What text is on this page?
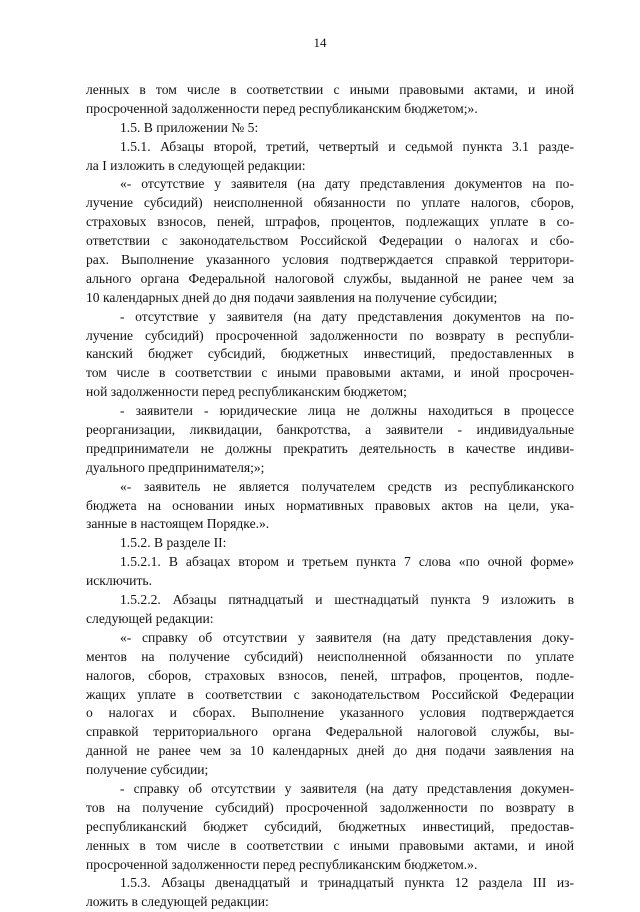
14
ленных в том числе в соответствии с иными правовыми актами, и иной
просроченной задолженности перед республиканским бюджетом;».
1.5. В приложении № 5:
1.5.1. Абзацы второй, третий, четвертый и седьмой пункта 3.1 разде-
ла I изложить в следующей редакции:
«- отсутствие у заявителя (на дату представления документов на по-
лучение субсидий) неисполненной обязанности по уплате налогов, сборов,
страховых взносов, пеней, штрафов, процентов, подлежащих уплате в со-
ответствии с законодательством Российской Федерации о налогах и сбо-
рах. Выполнение указанного условия подтверждается справкой территори-
ального органа Федеральной налоговой службы, выданной не ранее чем за
10 календарных дней до дня подачи заявления на получение субсидии;
- отсутствие у заявителя (на дату представления документов на по-
лучение субсидий) просроченной задолженности по возврату в республи-
канский бюджет субсидий, бюджетных инвестиций, предоставленных в
том числе в соответствии с иными правовыми актами, и иной просрочен-
ной задолженности перед республиканским бюджетом;
- заявители - юридические лица не должны находиться в процессе
реорганизации, ликвидации, банкротства, а заявители - индивидуальные
предприниматели не должны прекратить деятельность в качестве индиви-
дуального предпринимателя;»;
«- заявитель не является получателем средств из республиканского
бюджета на основании иных нормативных правовых актов на цели, ука-
занные в настоящем Порядке.».
1.5.2. В разделе II:
1.5.2.1. В абзацах втором и третьем пункта 7 слова «по очной форме»
исключить.
1.5.2.2. Абзацы пятнадцатый и шестнадцатый пункта 9 изложить в
следующей редакции:
«- справку об отсутствии у заявителя (на дату представления доку-
ментов на получение субсидий) неисполненной обязанности по уплате
налогов, сборов, страховых взносов, пеней, штрафов, процентов, подле-
жащих уплате в соответствии с законодательством Российской Федерации
о налогах и сборах. Выполнение указанного условия подтверждается
справкой территориального органа Федеральной налоговой службы, вы-
данной не ранее чем за 10 календарных дней до дня подачи заявления на
получение субсидии;
- справку об отсутствии у заявителя (на дату представления докумен-
тов на получение субсидий) просроченной задолженности по возврату в
республиканский бюджет субсидий, бюджетных инвестиций, предостав-
ленных в том числе в соответствии с иными правовыми актами, и иной
просроченной задолженности перед республиканским бюджетом.».
1.5.3. Абзацы двенадцатый и тринадцатый пункта 12 раздела III из-
ложить в следующей редакции:
